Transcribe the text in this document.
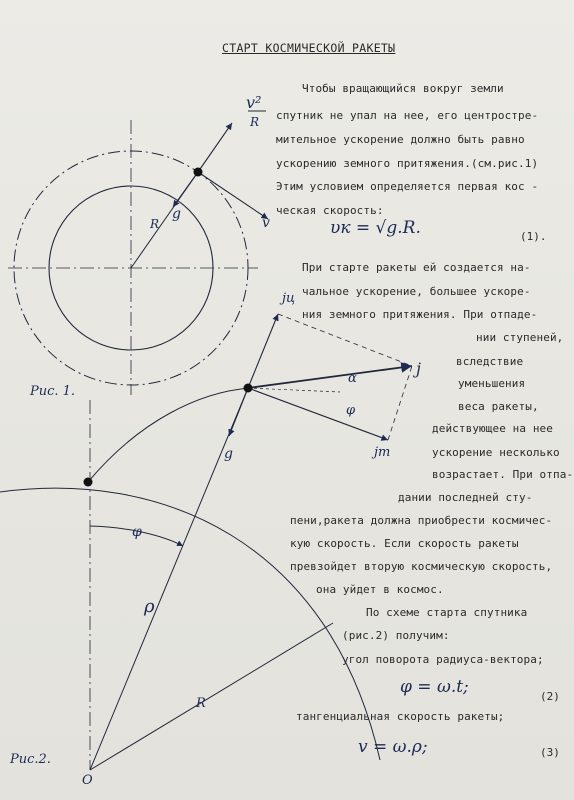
СТАРТ КОСМИЧЕСКОЙ РАКЕТЫ
Чтобы вращающийся вокруг земли
спутник не упал на нее, его центростре-
мительное ускорение должно быть равно
ускорению земного притяжения.(см.рис.1)
Этим условием определяется первая кос -
ческая скорость:
υк = √g.R.	(1).
При старте ракеты ей создается на-
чальное ускорение, большее ускоре-
ния земного притяжения. При отпаде-
нии ступеней,
вследствие
уменьшения
веса ракеты,
действующее на нее
ускорение несколько
возрастает. При отпа-
дании последней сту-
пени,ракета должна приобрести космичес-
кую скорость. Если скорость ракеты
превзойдет вторую космическую скорость,
она уйдет в космос.
По схеме старта спутника
(рис.2) получим:
угол поворота радиуса-вектора;
φ = ω.t;	(2)
тангенциальная скорость ракеты;
v = ω.ρ;	(3)
Рис. 1.
v²
R
v
g
R
jц
j
α
φ
jт
g
φ
ρ
R
O
Рис.2.
